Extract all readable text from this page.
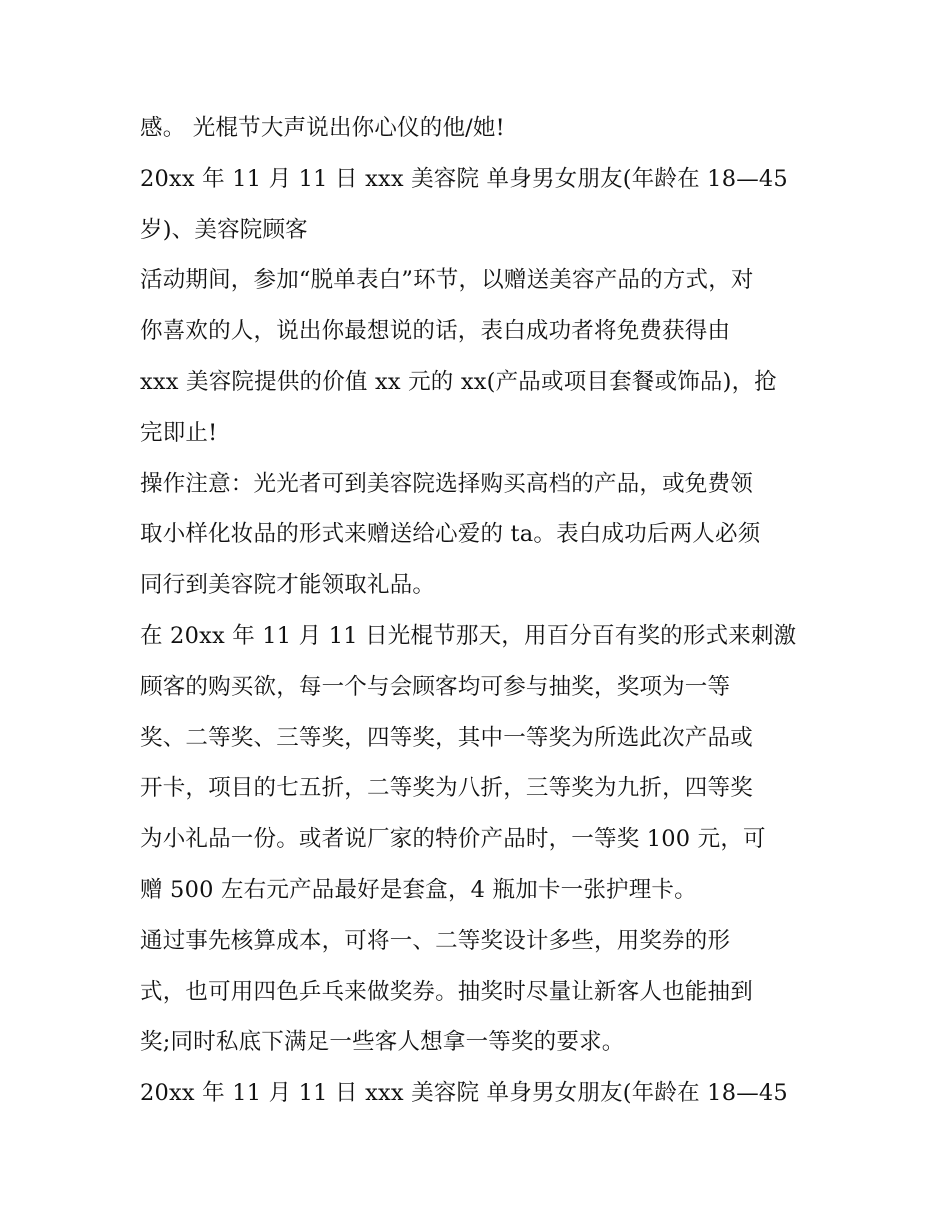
感。 光棍节大声说出你心仪的他/她!
20xx 年 11 月 11 日 xxx 美容院 单身男女朋友(年龄在 18—45
岁)、美容院顾客
活动期间，参加“脱单表白”环节，以赠送美容产品的方式，对
你喜欢的人，说出你最想说的话，表白成功者将免费获得由
xxx 美容院提供的价值 xx 元的 xx(产品或项目套餐或饰品)，抢
完即止!
操作注意：光光者可到美容院选择购买高档的产品，或免费领
取小样化妆品的形式来赠送给心爱的 ta。表白成功后两人必须
同行到美容院才能领取礼品。
在 20xx 年 11 月 11 日光棍节那天，用百分百有奖的形式来刺激
顾客的购买欲，每一个与会顾客均可参与抽奖，奖项为一等
奖、二等奖、三等奖，四等奖，其中一等奖为所选此次产品或
开卡，项目的七五折，二等奖为八折，三等奖为九折，四等奖
为小礼品一份。或者说厂家的特价产品时，一等奖 100 元，可
赠 500 左右元产品最好是套盒，4 瓶加卡一张护理卡。
通过事先核算成本，可将一、二等奖设计多些，用奖券的形
式，也可用四色乒乓来做奖券。抽奖时尽量让新客人也能抽到
奖;同时私底下满足一些客人想拿一等奖的要求。
20xx 年 11 月 11 日 xxx 美容院 单身男女朋友(年龄在 18—45
